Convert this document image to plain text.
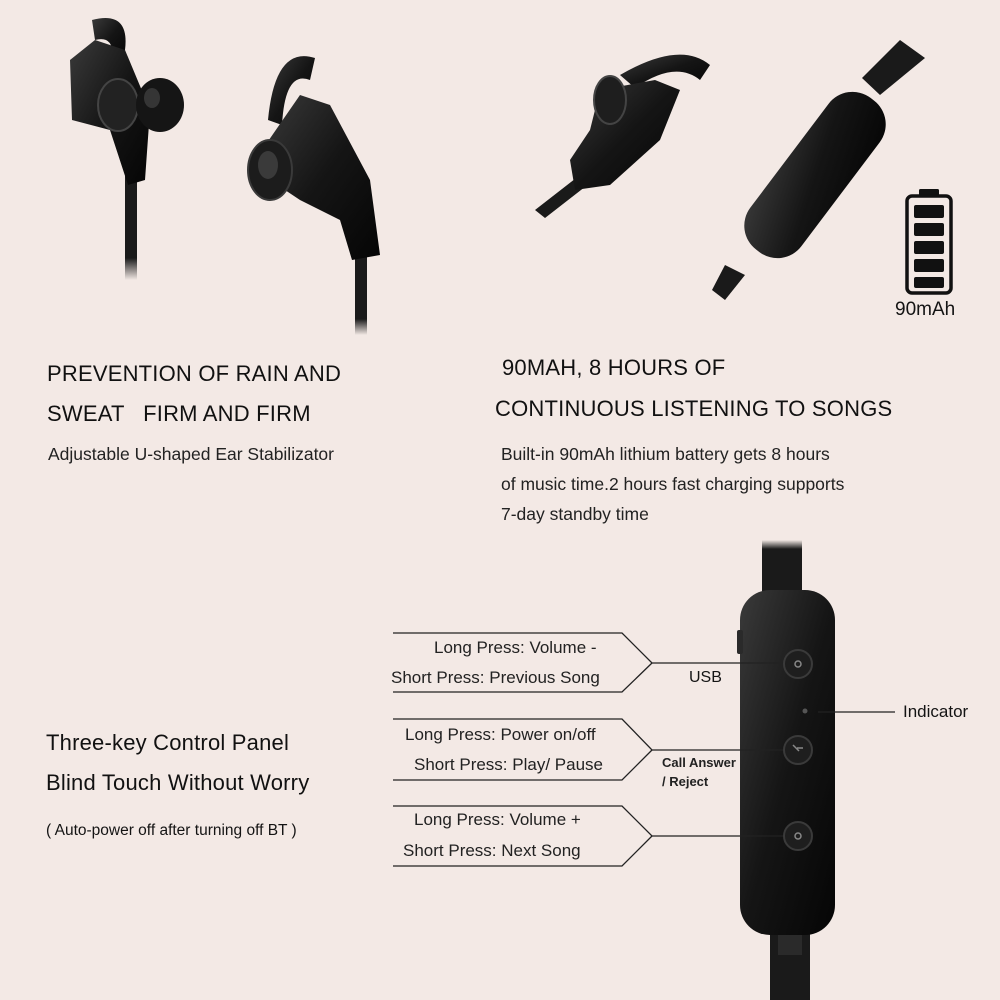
PREVENTION OF RAIN AND
SWEAT   FIRM AND FIRM
Adjustable U-shaped Ear Stabilizator
90mAh
90MAH, 8 HOURS OF
CONTINUOUS LISTENING TO SONGS
Built-in 90mAh lithium battery gets 8 hours
of music time.2 hours fast charging supports
7-day standby time
Three-key Control Panel
Blind Touch Without Worry
( Auto-power off after turning off BT )
Long Press: Volume -
Short Press: Previous Song
Long Press: Power on/off
Short Press: Play/ Pause
Long Press: Volume +
Short Press: Next Song
USB
Call Answer
/ Reject
Indicator
